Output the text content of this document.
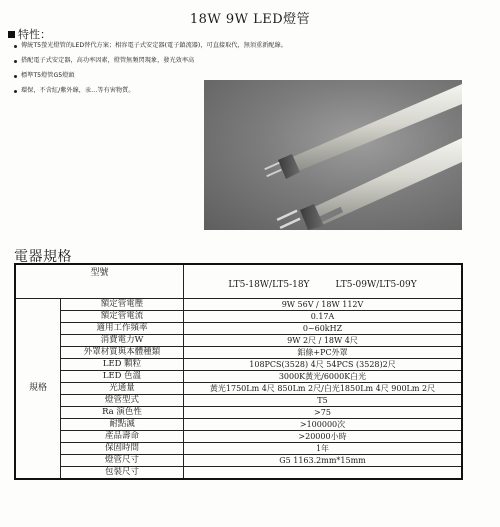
18W 9W LED燈管
特性：
傳統T5螢光燈管的LED替代方案；相容電子式安定器(電子鎮流器)，可直接取代，無須重新配線。
搭配電子式安定器，高功率因素，燈管無頻閃現象，發光效率高
標準T5燈管G5燈頭
環保，不含紅/紫外線，汞…等有害物質。
電器規格
型號		LT5-18W/LT5-18Y LT5-09W/LT5-09Y
規格	額定管電壓	9W 56V / 18W 112V
	額定管電流	0.17A
	適用工作頻率	0~60kHZ
	消費電力W	9W 2尺 / 18W 4尺
	外罩材質與本體種類	鋁條+PC外罩
	LED 顆粒	108PCS(3528) 4尺 54PCS (3528)2尺
	LED 色溫	3000K黃光/6000K白光
	光通量	黃光1750Lm 4尺 850Lm 2尺/白光1850Lm 4尺 900Lm 2尺
	燈管型式	T5
	Ra 演色性	>75
	耐點滅	>100000次
	產品壽命	>20000小時
	保固時間	1年
	燈管尺寸	G5 1163.2mm*15mm
	包裝尺寸	
